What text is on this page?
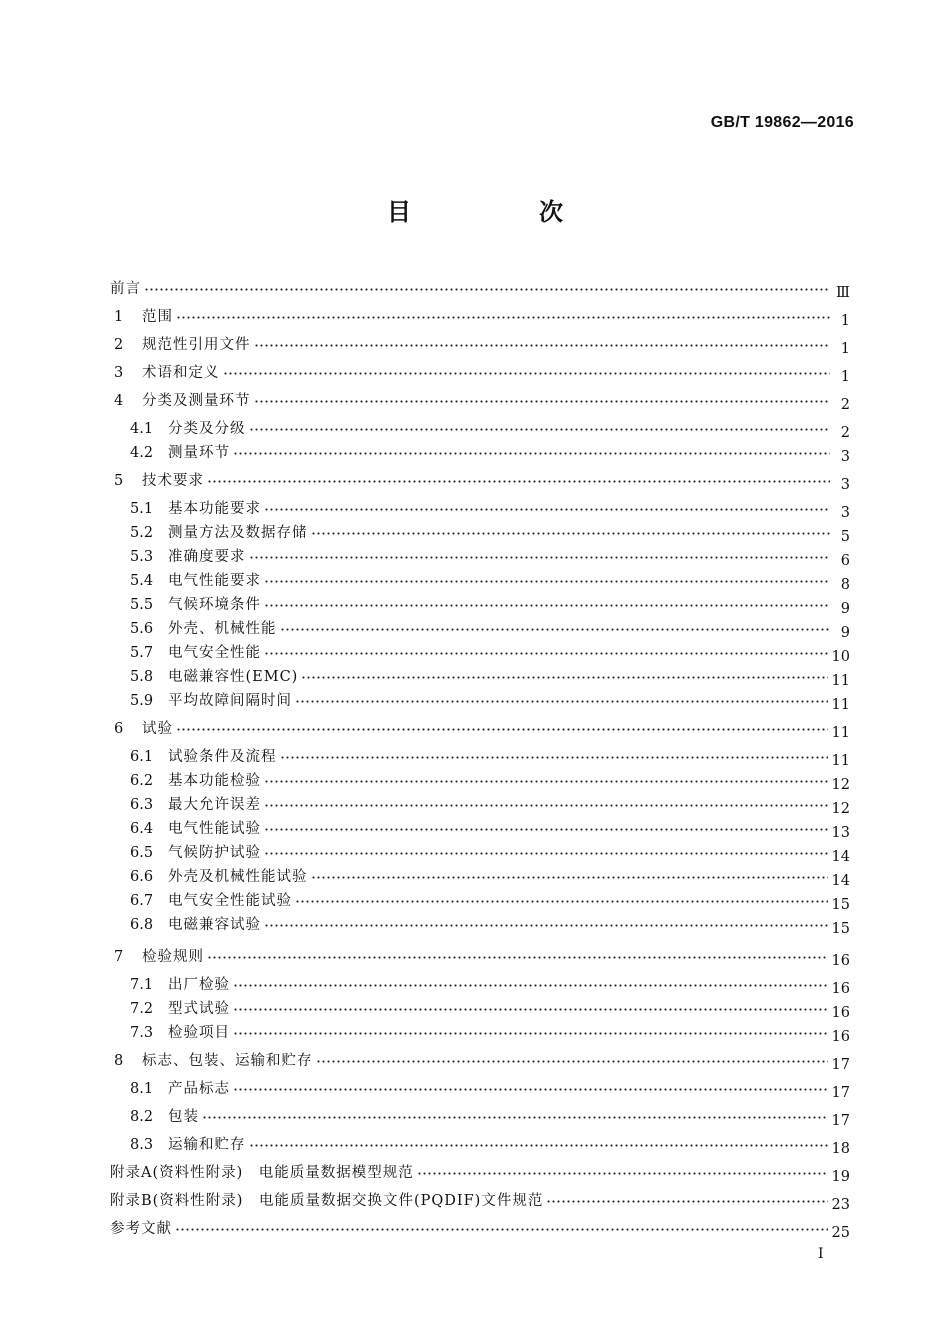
GB/T 19862—2016
目　次
前言	Ⅲ
1	范围	1
2	规范性引用文件	1
3	术语和定义	1
4	分类及测量环节	2
4.1	分类及分级	2
4.2	测量环节	3
5	技术要求	3
5.1	基本功能要求	3
5.2	测量方法及数据存储	5
5.3	准确度要求	6
5.4	电气性能要求	8
5.5	气候环境条件	9
5.6	外壳、机械性能	9
5.7	电气安全性能	10
5.8	电磁兼容性(EMC)	11
5.9	平均故障间隔时间	11
6	试验	11
6.1	试验条件及流程	11
6.2	基本功能检验	12
6.3	最大允许误差	12
6.4	电气性能试验	13
6.5	气候防护试验	14
6.6	外壳及机械性能试验	14
6.7	电气安全性能试验	15
6.8	电磁兼容试验	15
7	检验规则	16
7.1	出厂检验	16
7.2	型式试验	16
7.3	检验项目	16
8	标志、包装、运输和贮存	17
8.1	产品标志	17
8.2	包装	17
8.3	运输和贮存	18
附录A(资料性附录)　电能质量数据模型规范	19
附录B(资料性附录)　电能质量数据交换文件(PQDIF)文件规范	23
参考文献	25
I
